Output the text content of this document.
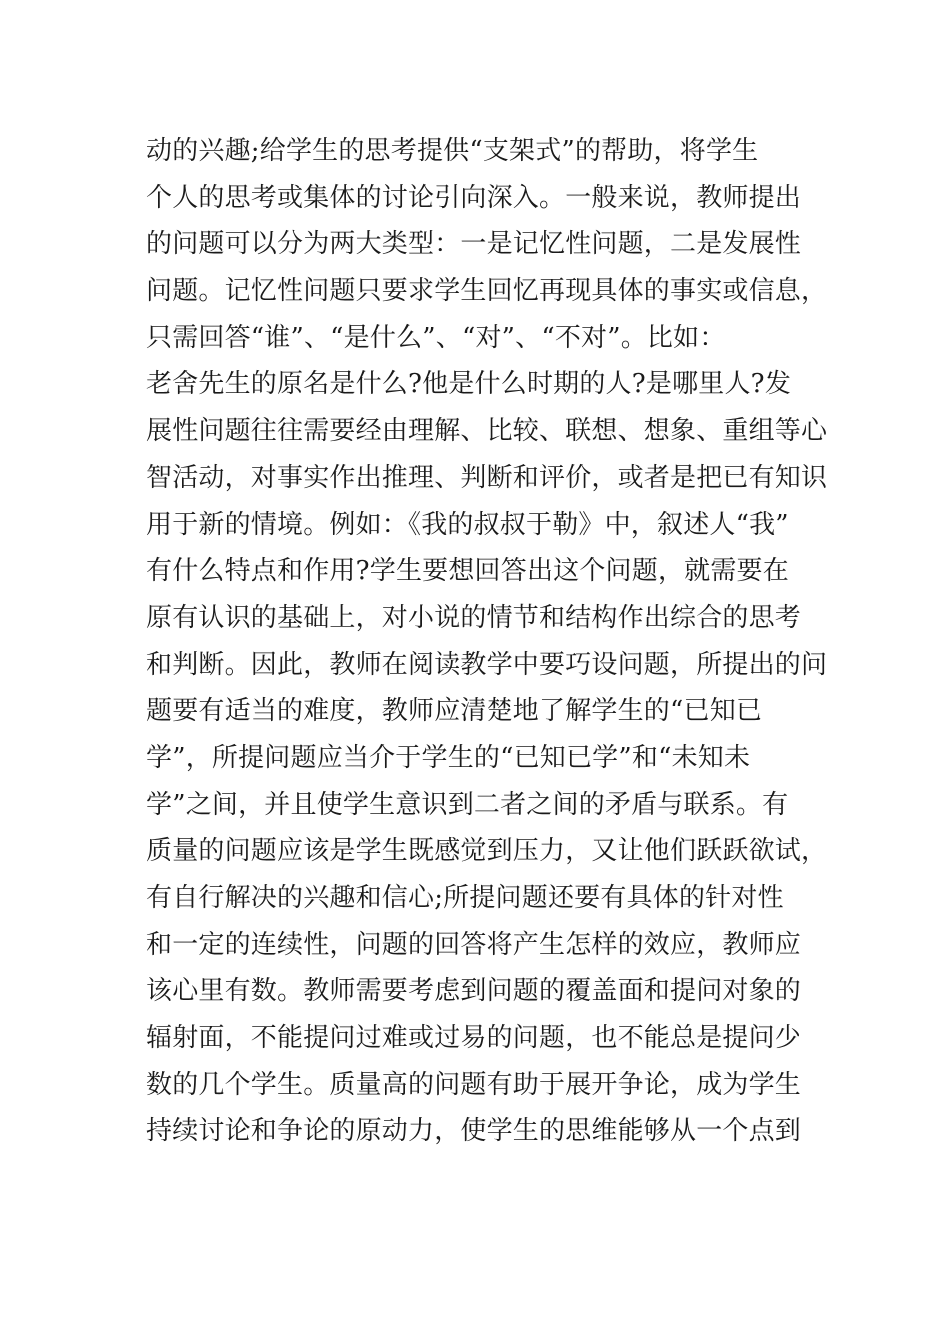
动的兴趣;给学生的思考提供“支架式”的帮助，将学生
个人的思考或集体的讨论引向深入。一般来说，教师提出
的问题可以分为两大类型：一是记忆性问题，二是发展性
问题。记忆性问题只要求学生回忆再现具体的事实或信息，
只需回答“谁”、“是什么”、“对”、“不对”。比如：
老舍先生的原名是什么?他是什么时期的人?是哪里人?发
展性问题往往需要经由理解、比较、联想、想象、重组等心
智活动，对事实作出推理、判断和评价，或者是把已有知识
用于新的情境。例如：《我的叔叔于勒》中，叙述人“我”
有什么特点和作用?学生要想回答出这个问题，就需要在
原有认识的基础上，对小说的情节和结构作出综合的思考
和判断。因此，教师在阅读教学中要巧设问题，所提出的问
题要有适当的难度，教师应清楚地了解学生的“已知已
学”，所提问题应当介于学生的“已知已学”和“未知未
学”之间，并且使学生意识到二者之间的矛盾与联系。有
质量的问题应该是学生既感觉到压力，又让他们跃跃欲试，
有自行解决的兴趣和信心;所提问题还要有具体的针对性
和一定的连续性，问题的回答将产生怎样的效应，教师应
该心里有数。教师需要考虑到问题的覆盖面和提问对象的
辐射面，不能提问过难或过易的问题，也不能总是提问少
数的几个学生。质量高的问题有助于展开争论，成为学生
持续讨论和争论的原动力，使学生的思维能够从一个点到
